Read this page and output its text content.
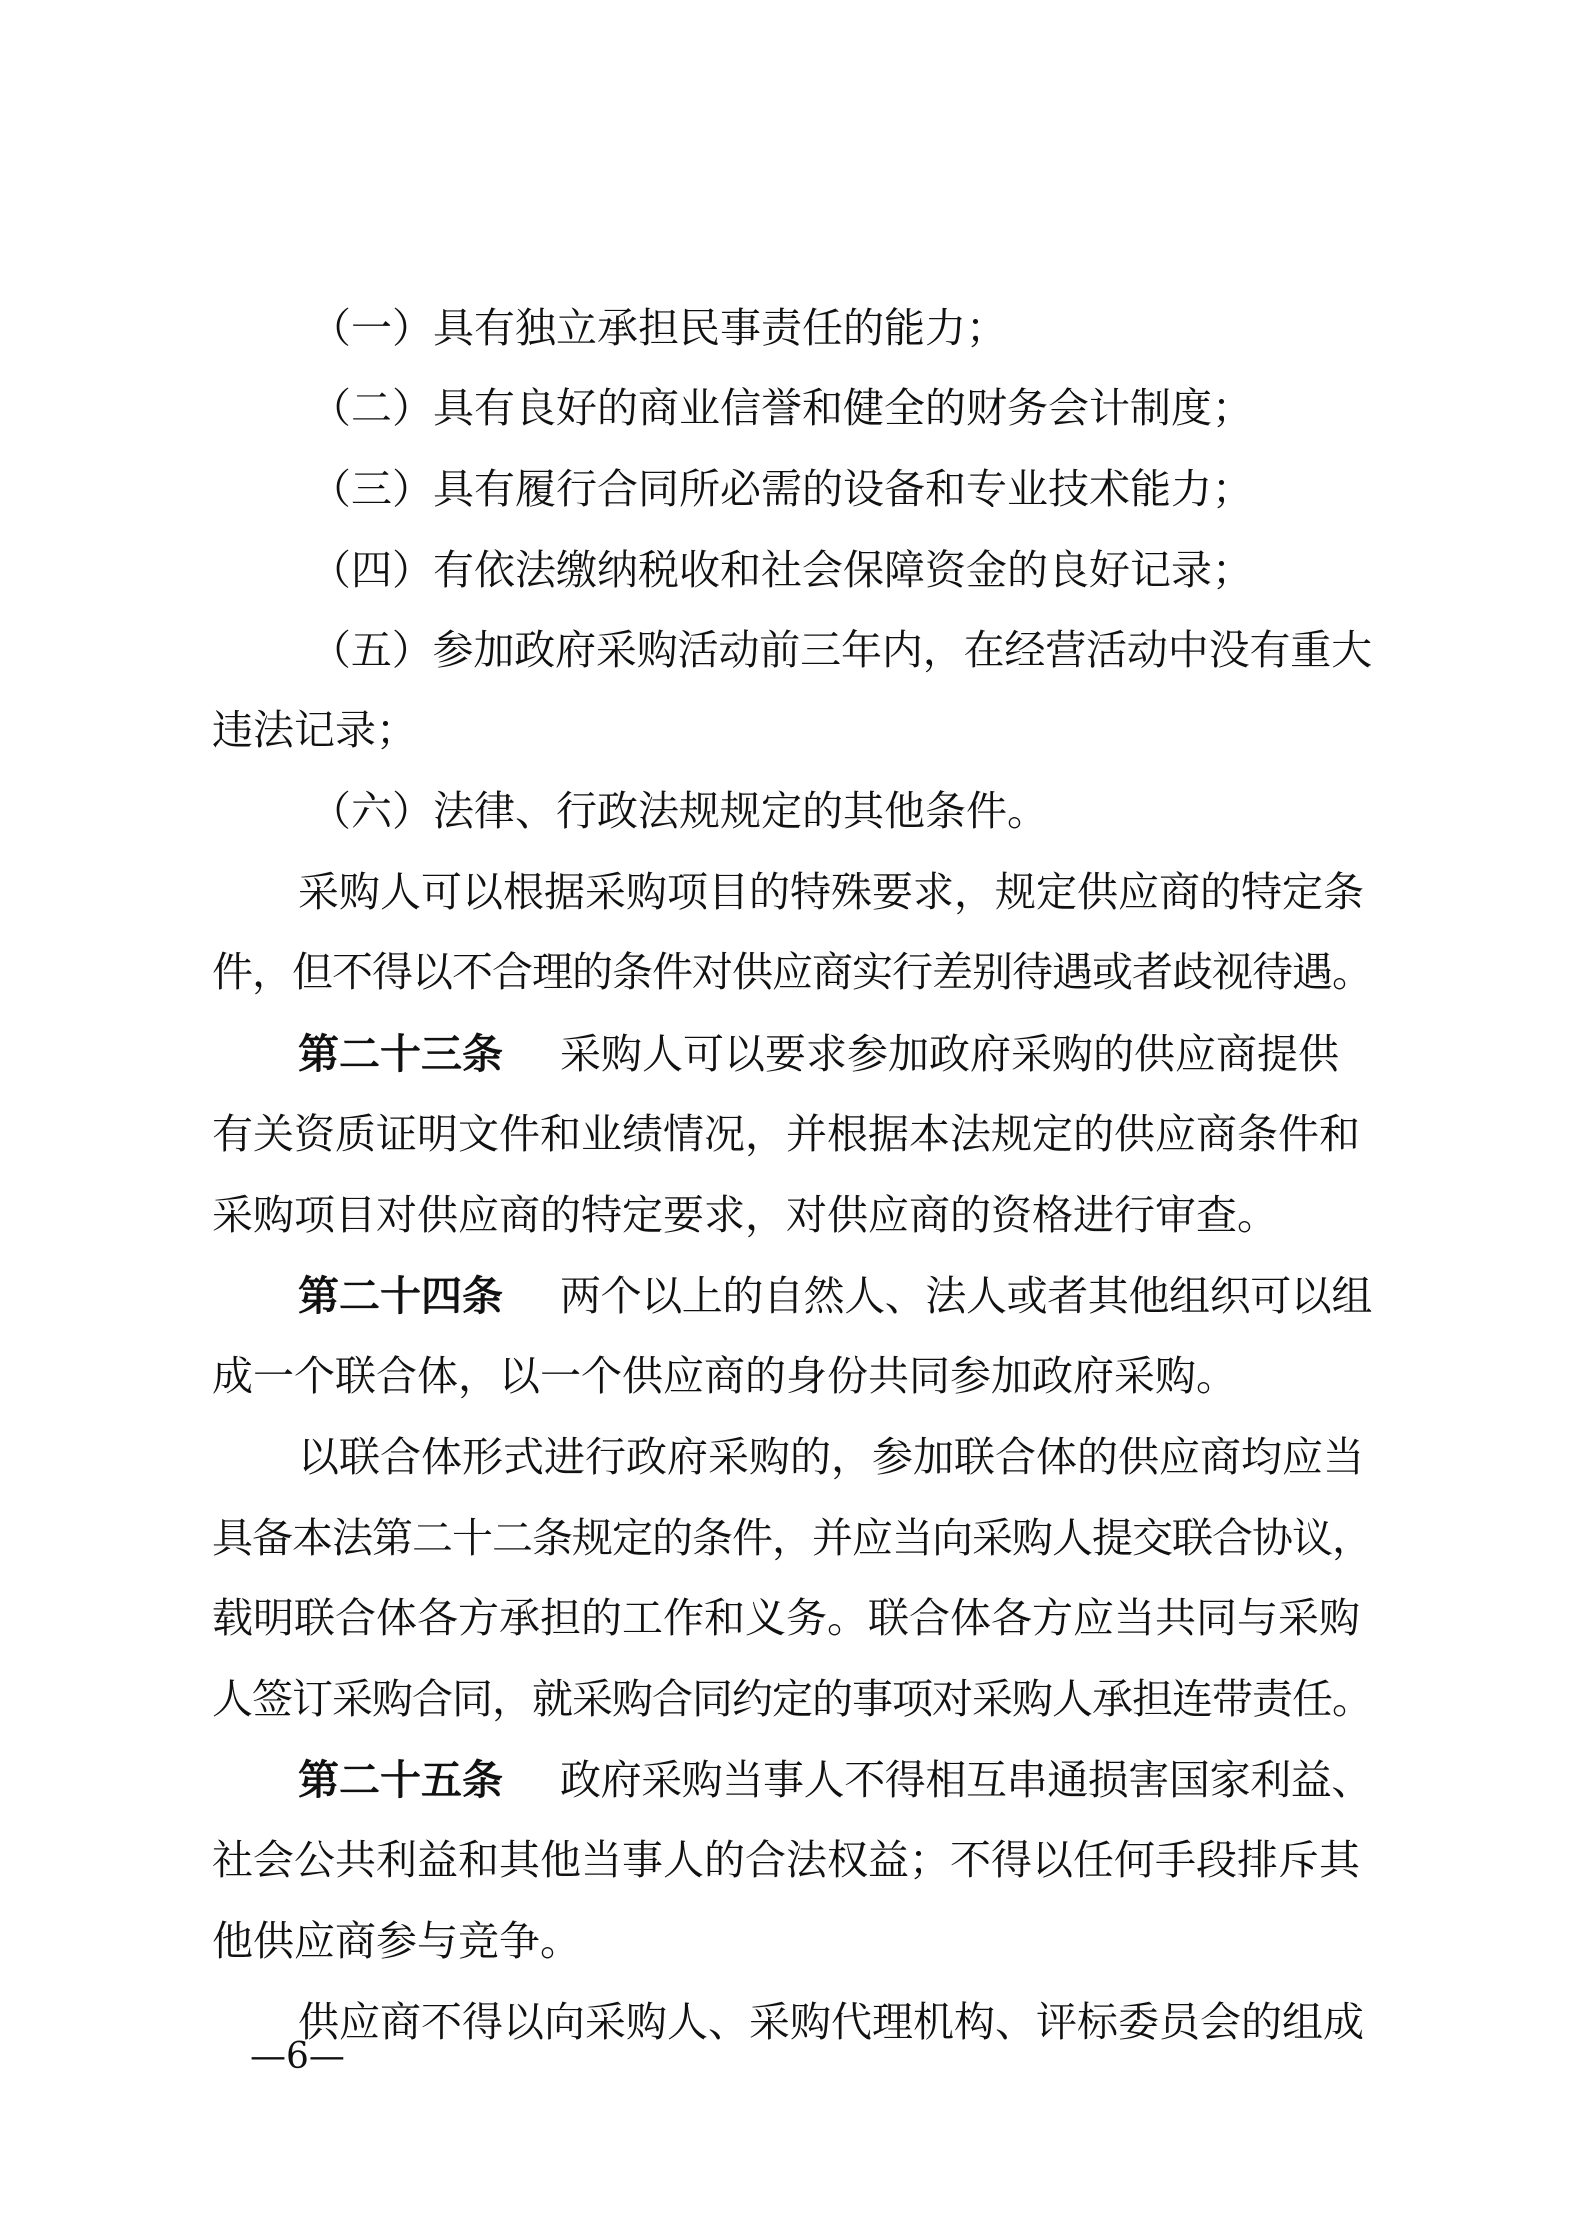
（一）具有独立承担民事责任的能力；
（二）具有良好的商业信誉和健全的财务会计制度；
（三）具有履行合同所必需的设备和专业技术能力；
（四）有依法缴纳税收和社会保障资金的良好记录；
（五）参加政府采购活动前三年内，在经营活动中没有重大
违法记录；
（六）法律、行政法规规定的其他条件。
采购人可以根据采购项目的特殊要求，规定供应商的特定条
件，但不得以不合理的条件对供应商实行差别待遇或者歧视待遇。
第二十三条 采购人可以要求参加政府采购的供应商提供
有关资质证明文件和业绩情况，并根据本法规定的供应商条件和
采购项目对供应商的特定要求，对供应商的资格进行审查。
第二十四条 两个以上的自然人、法人或者其他组织可以组
成一个联合体，以一个供应商的身份共同参加政府采购。
以联合体形式进行政府采购的，参加联合体的供应商均应当
具备本法第二十二条规定的条件，并应当向采购人提交联合协议，
载明联合体各方承担的工作和义务。联合体各方应当共同与采购
人签订采购合同，就采购合同约定的事项对采购人承担连带责任。
第二十五条 政府采购当事人不得相互串通损害国家利益、
社会公共利益和其他当事人的合法权益；不得以任何手段排斥其
他供应商参与竞争。
供应商不得以向采购人、采购代理机构、评标委员会的组成
—6—
